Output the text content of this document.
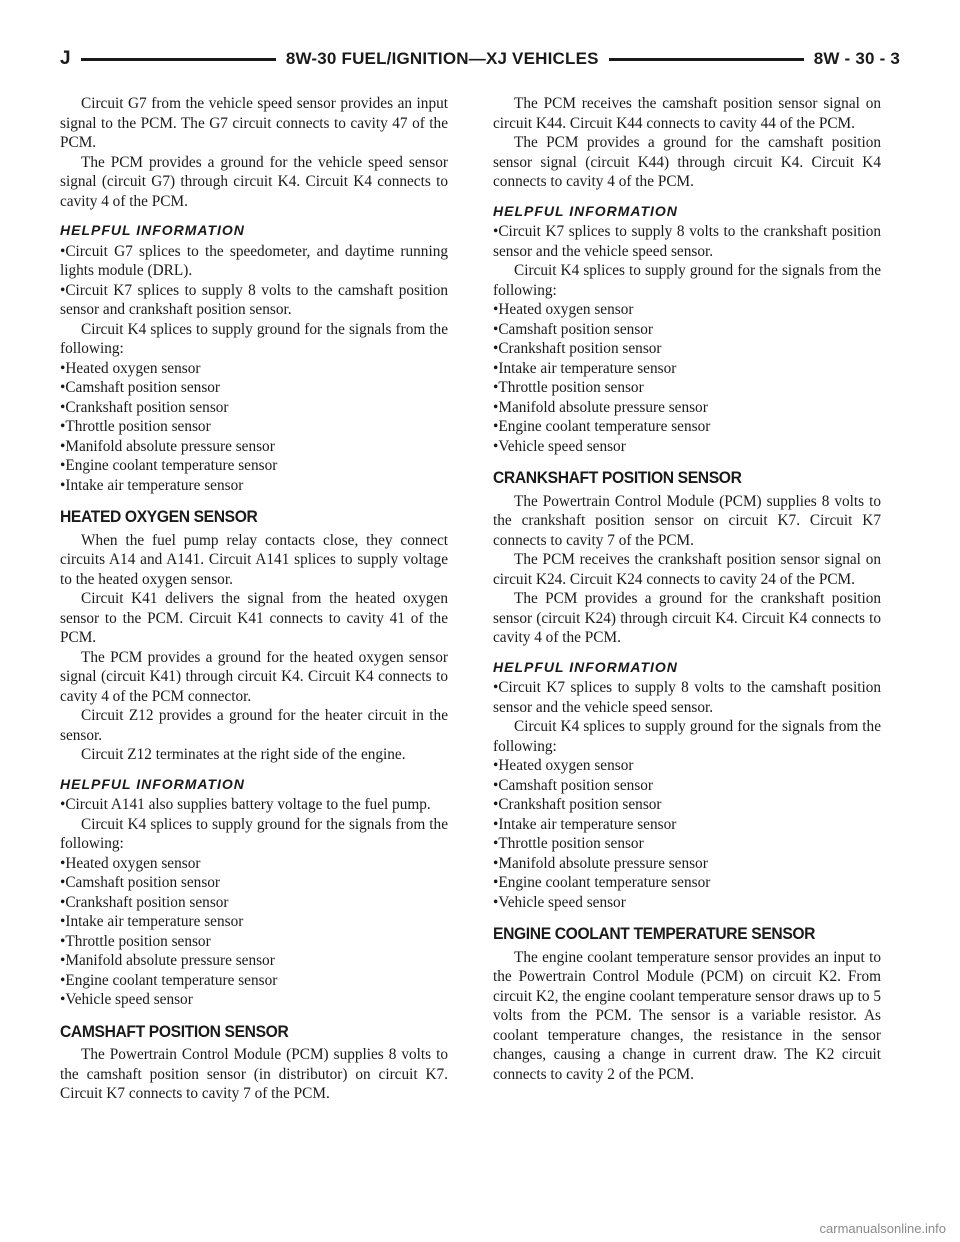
J	8W-30 FUEL/IGNITION—XJ VEHICLES	8W - 30 - 3

Circuit G7 from the vehicle speed sensor provides an input signal to the PCM. The G7 circuit connects to cavity 47 of the PCM.

The PCM provides a ground for the vehicle speed sensor signal (circuit G7) through circuit K4. Circuit K4 connects to cavity 4 of the PCM.

HELPFUL INFORMATION

•Circuit G7 splices to the speedometer, and daytime running lights module (DRL).

•Circuit K7 splices to supply 8 volts to the camshaft position sensor and crankshaft position sensor.

Circuit K4 splices to supply ground for the signals from the following:

•Heated oxygen sensor

•Camshaft position sensor

•Crankshaft position sensor

•Throttle position sensor

•Manifold absolute pressure sensor

•Engine coolant temperature sensor

•Intake air temperature sensor

HEATED OXYGEN SENSOR

When the fuel pump relay contacts close, they connect circuits A14 and A141. Circuit A141 splices to supply voltage to the heated oxygen sensor.

Circuit K41 delivers the signal from the heated oxygen sensor to the PCM. Circuit K41 connects to cavity 41 of the PCM.

The PCM provides a ground for the heated oxygen sensor signal (circuit K41) through circuit K4. Circuit K4 connects to cavity 4 of the PCM connector.

Circuit Z12 provides a ground for the heater circuit in the sensor.

Circuit Z12 terminates at the right side of the engine.

HELPFUL INFORMATION

•Circuit A141 also supplies battery voltage to the fuel pump.

Circuit K4 splices to supply ground for the signals from the following:

•Heated oxygen sensor

•Camshaft position sensor

•Crankshaft position sensor

•Intake air temperature sensor

•Throttle position sensor

•Manifold absolute pressure sensor

•Engine coolant temperature sensor

•Vehicle speed sensor

CAMSHAFT POSITION SENSOR

The Powertrain Control Module (PCM) supplies 8 volts to the camshaft position sensor (in distributor) on circuit K7. Circuit K7 connects to cavity 7 of the PCM.

The PCM receives the camshaft position sensor signal on circuit K44. Circuit K44 connects to cavity 44 of the PCM.

The PCM provides a ground for the camshaft position sensor signal (circuit K44) through circuit K4. Circuit K4 connects to cavity 4 of the PCM.

HELPFUL INFORMATION

•Circuit K7 splices to supply 8 volts to the crankshaft position sensor and the vehicle speed sensor.

Circuit K4 splices to supply ground for the signals from the following:

•Heated oxygen sensor

•Camshaft position sensor

•Crankshaft position sensor

•Intake air temperature sensor

•Throttle position sensor

•Manifold absolute pressure sensor

•Engine coolant temperature sensor

•Vehicle speed sensor

CRANKSHAFT POSITION SENSOR

The Powertrain Control Module (PCM) supplies 8 volts to the crankshaft position sensor on circuit K7. Circuit K7 connects to cavity 7 of the PCM.

The PCM receives the crankshaft position sensor signal on circuit K24. Circuit K24 connects to cavity 24 of the PCM.

The PCM provides a ground for the crankshaft position sensor (circuit K24) through circuit K4. Circuit K4 connects to cavity 4 of the PCM.

HELPFUL INFORMATION

•Circuit K7 splices to supply 8 volts to the camshaft position sensor and the vehicle speed sensor.

Circuit K4 splices to supply ground for the signals from the following:

•Heated oxygen sensor

•Camshaft position sensor

•Crankshaft position sensor

•Intake air temperature sensor

•Throttle position sensor

•Manifold absolute pressure sensor

•Engine coolant temperature sensor

•Vehicle speed sensor

ENGINE COOLANT TEMPERATURE SENSOR

The engine coolant temperature sensor provides an input to the Powertrain Control Module (PCM) on circuit K2. From circuit K2, the engine coolant temperature sensor draws up to 5 volts from the PCM. The sensor is a variable resistor. As coolant temperature changes, the resistance in the sensor changes, causing a change in current draw. The K2 circuit connects to cavity 2 of the PCM.

carmanualsonline.info
